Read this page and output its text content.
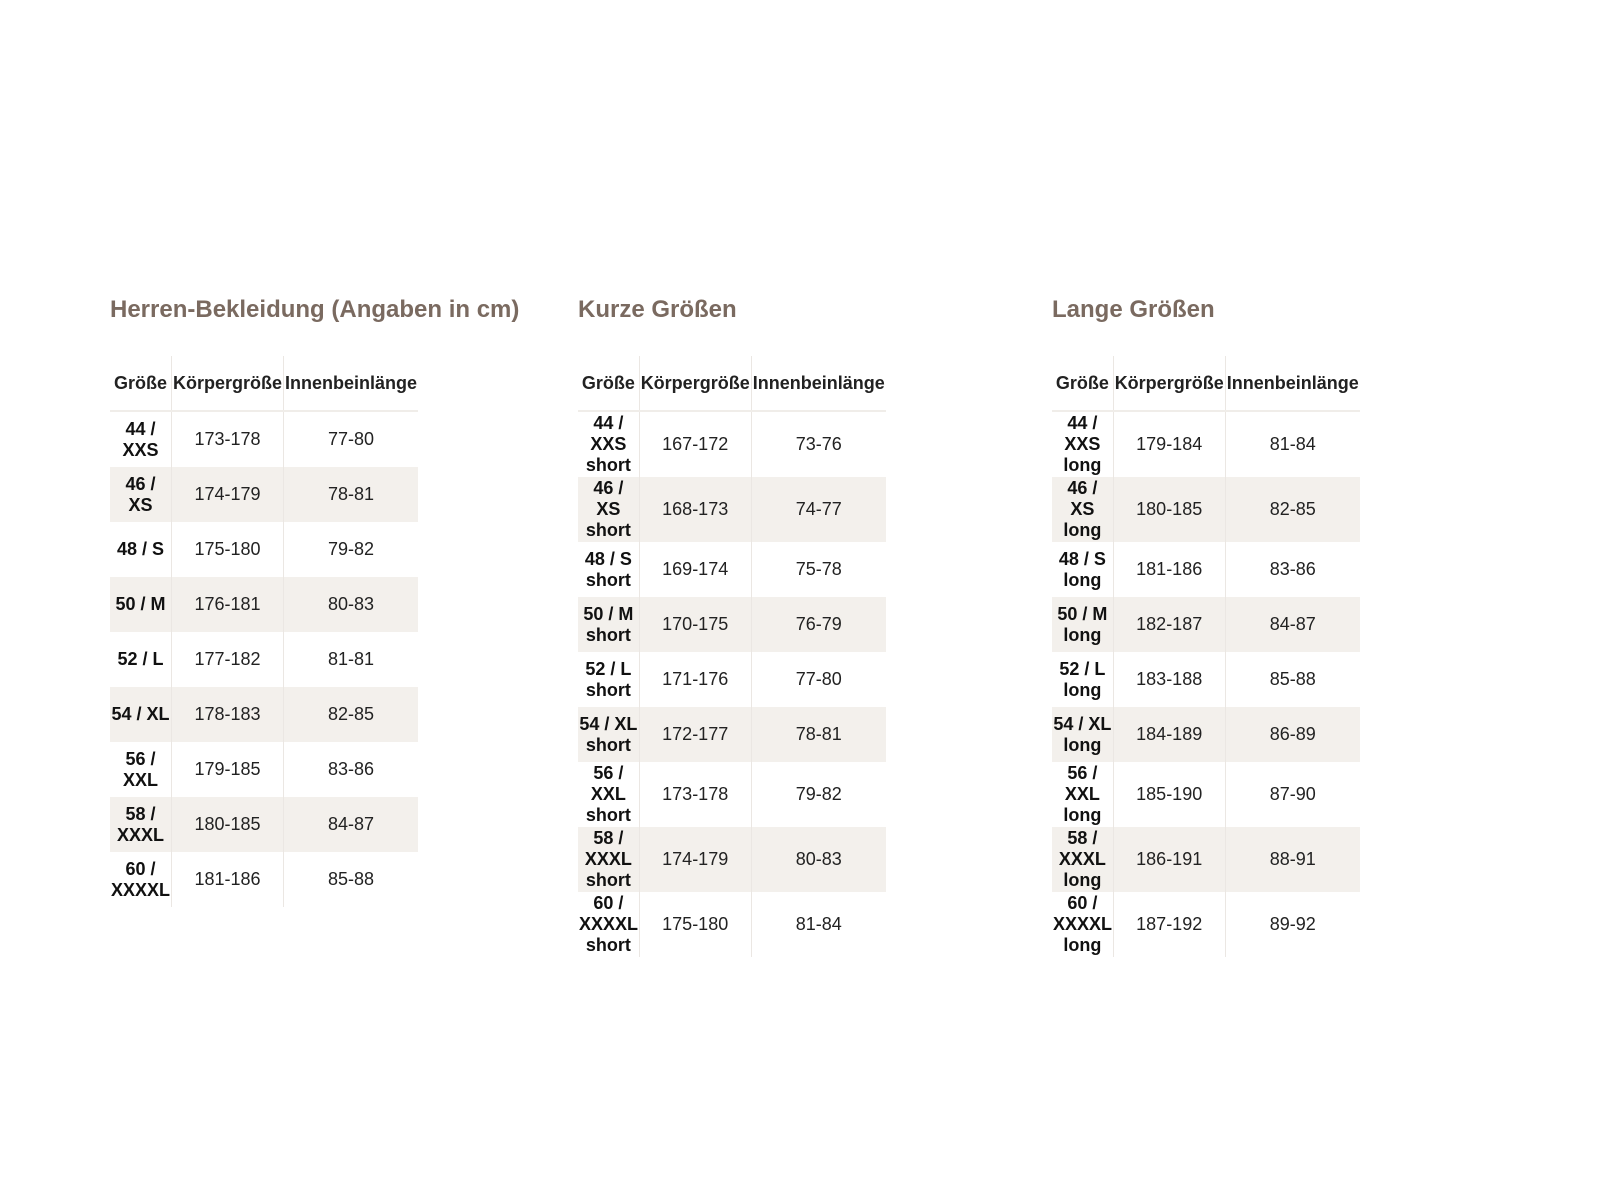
Herren-Bekleidung (Angaben in cm)
Größe	Körpergröße	Innenbeinlänge
44 / XXS	173-178	77-80
46 / XS	174-179	78-81
48 / S	175-180	79-82
50 / M	176-181	80-83
52 / L	177-182	81-81
54 / XL	178-183	82-85
56 / XXL	179-185	83-86
58 / XXXL	180-185	84-87
60 / XXXXL	181-186	85-88
Kurze Größen
Größe	Körpergröße	Innenbeinlänge
44 / XXS short	167-172	73-76
46 / XS short	168-173	74-77
48 / S short	169-174	75-78
50 / M short	170-175	76-79
52 / L short	171-176	77-80
54 / XL short	172-177	78-81
56 / XXL short	173-178	79-82
58 / XXXL short	174-179	80-83
60 / XXXXL short	175-180	81-84
Lange Größen
Größe	Körpergröße	Innenbeinlänge
44 / XXS long	179-184	81-84
46 / XS long	180-185	82-85
48 / S long	181-186	83-86
50 / M long	182-187	84-87
52 / L long	183-188	85-88
54 / XL long	184-189	86-89
56 / XXL long	185-190	87-90
58 / XXXL long	186-191	88-91
60 / XXXXL long	187-192	89-92
